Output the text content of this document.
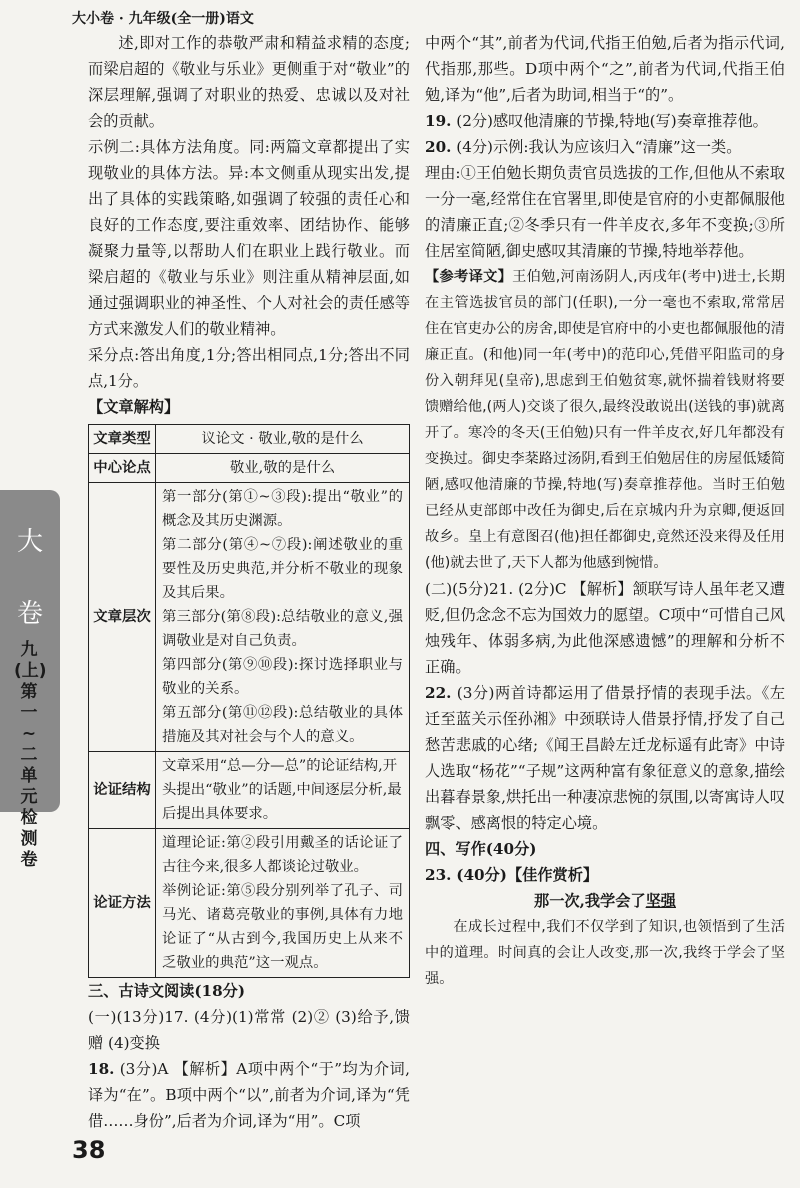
大小卷 · 九年级(全一册)语文
大
卷
九(上) 第一~二单元检测卷

述,即对工作的恭敬严肃和精益求精的态度;而梁启超的《敬业与乐业》更侧重于对“敬业”的深层理解,强调了对职业的热爱、忠诚以及对社会的贡献。

示例二:具体方法角度。同:两篇文章都提出了实现敬业的具体方法。异:本文侧重从现实出发,提出了具体的实践策略,如强调了较强的责任心和良好的工作态度,要注重效率、团结协作、能够凝聚力量等,以帮助人们在职业上践行敬业。而梁启超的《敬业与乐业》则注重从精神层面,如通过强调职业的神圣性、个人对社会的责任感等方式来激发人们的敬业精神。

采分点:答出角度,1分;答出相同点,1分;答出不同点,1分。

【文章解构】

文章类型	议论文 · 敬业,敬的是什么
中心论点	敬业,敬的是什么
文章层次	第一部分(第①~③段):提出“敬业”的概念及其历史渊源。

第二部分(第④~⑦段):阐述敬业的重要性及历史典范,并分析不敬业的现象及其后果。

第三部分(第⑧段):总结敬业的意义,强调敬业是对自己负责。

第四部分(第⑨⑩段):探讨选择职业与敬业的关系。

第五部分(第⑪⑫段):总结敬业的具体措施及其对社会与个人的意义。

论证结构	文章采用“总—分—总”的论证结构,开头提出“敬业”的话题,中间逐层分析,最后提出具体要求。
论证方法	道理论证:第②段引用戴圣的话论证了古往今来,很多人都谈论过敬业。

举例论证:第⑤段分别列举了孔子、司马光、诸葛亮敬业的事例,具体有力地论证了“从古到今,我国历史上从来不乏敬业的典范”这一观点。

三、古诗文阅读(18分)

(一)(13分)17. (4分)(1)常常 (2)② (3)给予,馈赠 (4)变换

18. (3分)A 【解析】A项中两个“于”均为介词,译为“在”。B项中两个“以”,前者为介词,译为“凭借……身份”,后者为介词,译为“用”。C项

中两个“其”,前者为代词,代指王伯勉,后者为指示代词,代指那,那些。D项中两个“之”,前者为代词,代指王伯勉,译为“他”,后者为助词,相当于“的”。

19. (2分)感叹他清廉的节操,特地(写)奏章推荐他。

20. (4分)示例:我认为应该归入“清廉”这一类。

理由:①王伯勉长期负责官员选拔的工作,但他从不索取一分一毫,经常住在官署里,即使是官府的小吏都佩服他的清廉正直;②冬季只有一件羊皮衣,多年不变换;③所住居室简陋,御史感叹其清廉的节操,特地举荐他。

【参考译文】王伯勉,河南汤阴人,丙戌年(考中)进士,长期在主管选拔官员的部门(任职),一分一毫也不索取,常常居住在官吏办公的房舍,即使是官府中的小吏也都佩服他的清廉正直。(和他)同一年(考中)的范印心,凭借平阳监司的身份入朝拜见(皇帝),思虑到王伯勉贫寒,就怀揣着钱财将要馈赠给他,(两人)交谈了很久,最终没敢说出(送钱的事)就离开了。寒冷的冬天(王伯勉)只有一件羊皮衣,好几年都没有变换过。御史李棻路过汤阴,看到王伯勉居住的房屋低矮简陋,感叹他清廉的节操,特地(写)奏章推荐他。当时王伯勉已经从吏部郎中改任为御史,后在京城内升为京卿,便返回故乡。皇上有意图召(他)担任都御史,竟然还没来得及任用(他)就去世了,天下人都为他感到惋惜。

(二)(5分)21. (2分)C 【解析】颔联写诗人虽年老又遭贬,但仍念念不忘为国效力的愿望。C项中“可惜自己风烛残年、体弱多病,为此他深感遗憾”的理解和分析不正确。

22. (3分)两首诗都运用了借景抒情的表现手法。《左迁至蓝关示侄孙湘》中颈联诗人借景抒情,抒发了自己愁苦悲戚的心绪;《闻王昌龄左迁龙标遥有此寄》中诗人选取“杨花”“子规”这两种富有象征意义的意象,描绘出暮春景象,烘托出一种凄凉悲惋的氛围,以寄寓诗人叹飘零、感离恨的特定心境。

四、写作(40分)

23. (40分)【佳作赏析】

那一次,我学会了坚强

在成长过程中,我们不仅学到了知识,也领悟到了生活中的道理。时间真的会让人改变,那一次,我终于学会了坚强。

38
